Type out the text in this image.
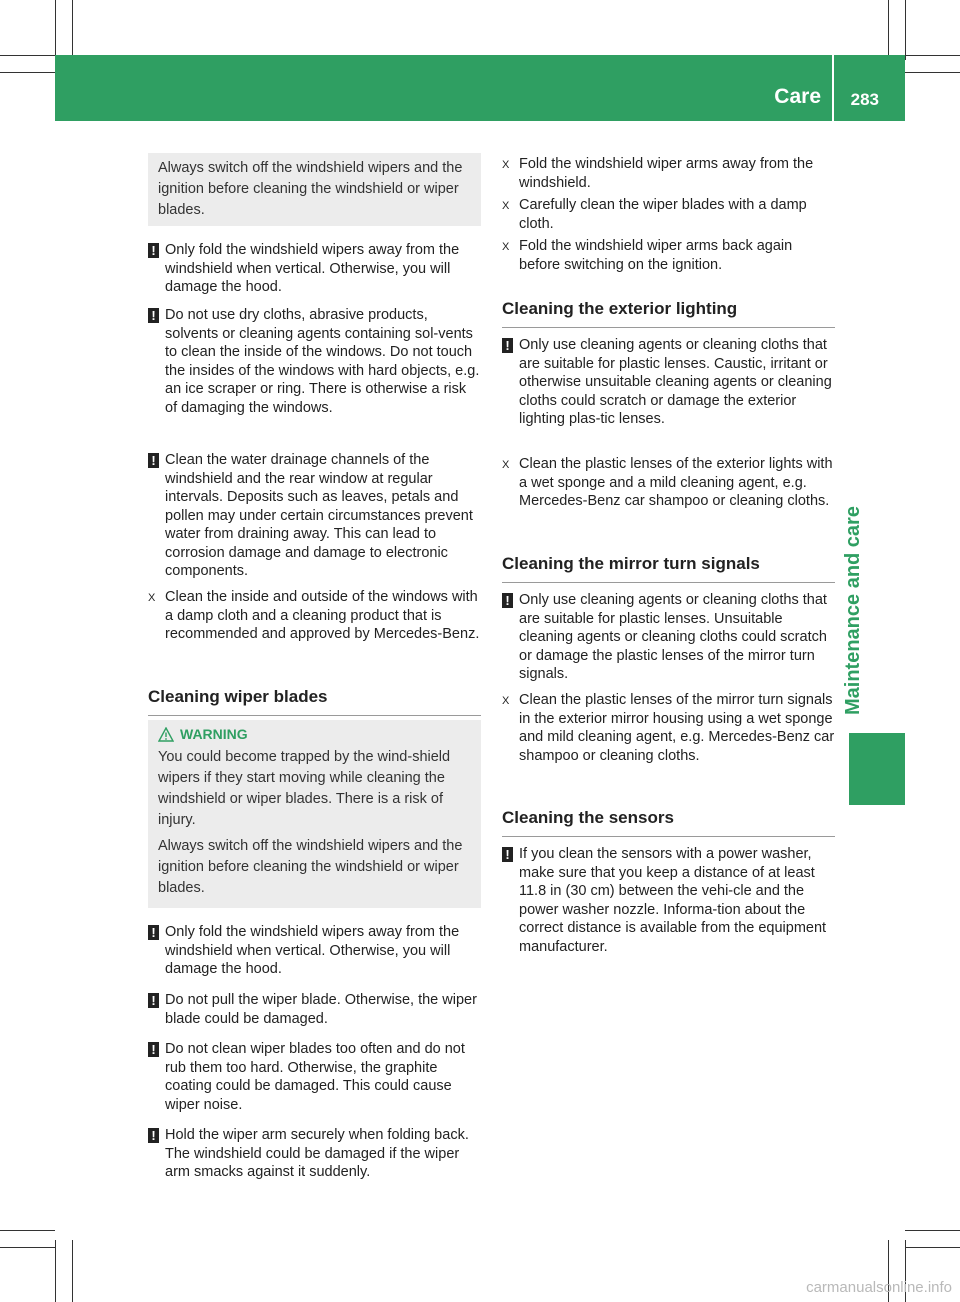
Care 283
Maintenance and care

Always switch off the windshield wipers and the ignition before cleaning the windshield or wiper blades.

! Only fold the windshield wipers away from the windshield when vertical. Otherwise, you will damage the hood.
! Do not use dry cloths, abrasive products, solvents or cleaning agents containing sol-vents to clean the inside of the windows. Do not touch the insides of the windows with hard objects, e.g. an ice scraper or ring. There is otherwise a risk of damaging the windows.
! Clean the water drainage channels of the windshield and the rear window at regular intervals. Deposits such as leaves, petals and pollen may under certain circumstances prevent water from draining away. This can lead to corrosion damage and damage to electronic components.
X Clean the inside and outside of the windows with a damp cloth and a cleaning product that is recommended and approved by Mercedes-Benz.
Cleaning wiper blades
WARNING

You could become trapped by the wind-shield wipers if they start moving while cleaning the windshield or wiper blades. There is a risk of injury.

Always switch off the windshield wipers and the ignition before cleaning the windshield or wiper blades.

! Only fold the windshield wipers away from the windshield when vertical. Otherwise, you will damage the hood.
! Do not pull the wiper blade. Otherwise, the wiper blade could be damaged.
! Do not clean wiper blades too often and do not rub them too hard. Otherwise, the graphite coating could be damaged. This could cause wiper noise.
! Hold the wiper arm securely when folding back. The windshield could be damaged if the wiper arm smacks against it suddenly.
X Fold the windshield wiper arms away from the windshield.
X Carefully clean the wiper blades with a damp cloth.
X Fold the windshield wiper arms back again before switching on the ignition.
Cleaning the exterior lighting
! Only use cleaning agents or cleaning cloths that are suitable for plastic lenses. Caustic, irritant or otherwise unsuitable cleaning agents or cleaning cloths could scratch or damage the exterior lighting plas-tic lenses.
X Clean the plastic lenses of the exterior lights with a wet sponge and a mild cleaning agent, e.g. Mercedes-Benz car shampoo or cleaning cloths.
Cleaning the mirror turn signals
! Only use cleaning agents or cleaning cloths that are suitable for plastic lenses. Unsuitable cleaning agents or cleaning cloths could scratch or damage the plastic lenses of the mirror turn signals.
X Clean the plastic lenses of the mirror turn signals in the exterior mirror housing using a wet sponge and mild cleaning agent, e.g. Mercedes-Benz car shampoo or cleaning cloths.
Cleaning the sensors
! If you clean the sensors with a power washer, make sure that you keep a distance of at least 11.8 in (30 cm) between the vehi-cle and the power washer nozzle. Informa-tion about the correct distance is available from the equipment manufacturer.
carmanualsonline.info
